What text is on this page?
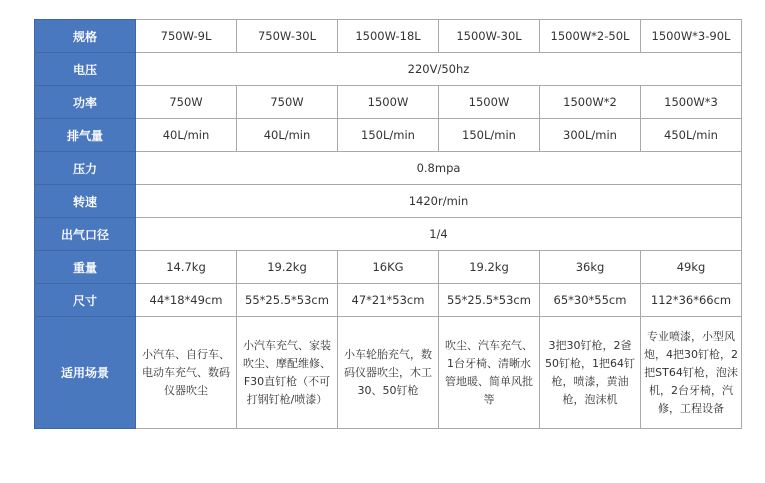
规格	750W-9L	750W-30L	1500W-18L	1500W-30L	1500W*2-50L	1500W*3-90L
电压	220V/50hz					
功率	750W	750W	1500W	1500W	1500W*2	1500W*3
排气量	40L/min	40L/min	150L/min	150L/min	300L/min	450L/min
压力	0.8mpa					
转速	1420r/min					
出气口径	1/4					
重量	14.7kg	19.2kg	16KG	19.2kg	36kg	49kg
尺寸	44*18*49cm	55*25.5*53cm	47*21*53cm	55*25.5*53cm	65*30*55cm	112*36*66cm
适用场景	小汽车、自行车、
电动车充气、数码
仪器吹尘	小汽车充气、家装
吹尘、摩配维修、
F30直钉枪（不可
打钢钉枪/喷漆）	小车轮胎充气，数
码仪器吹尘，木工
30、50钉枪	吹尘、汽车充气、
1台牙椅、清晰水
管地暖、简单风批
等	3把30钉枪，2爸
50钉枪，1把64钉
枪，喷漆，黄油
枪，泡沫机	专业喷漆，小型风
炮，4把30钉枪，2
把ST64钉枪，泡沫
机，2台牙椅，汽
修，工程设备
